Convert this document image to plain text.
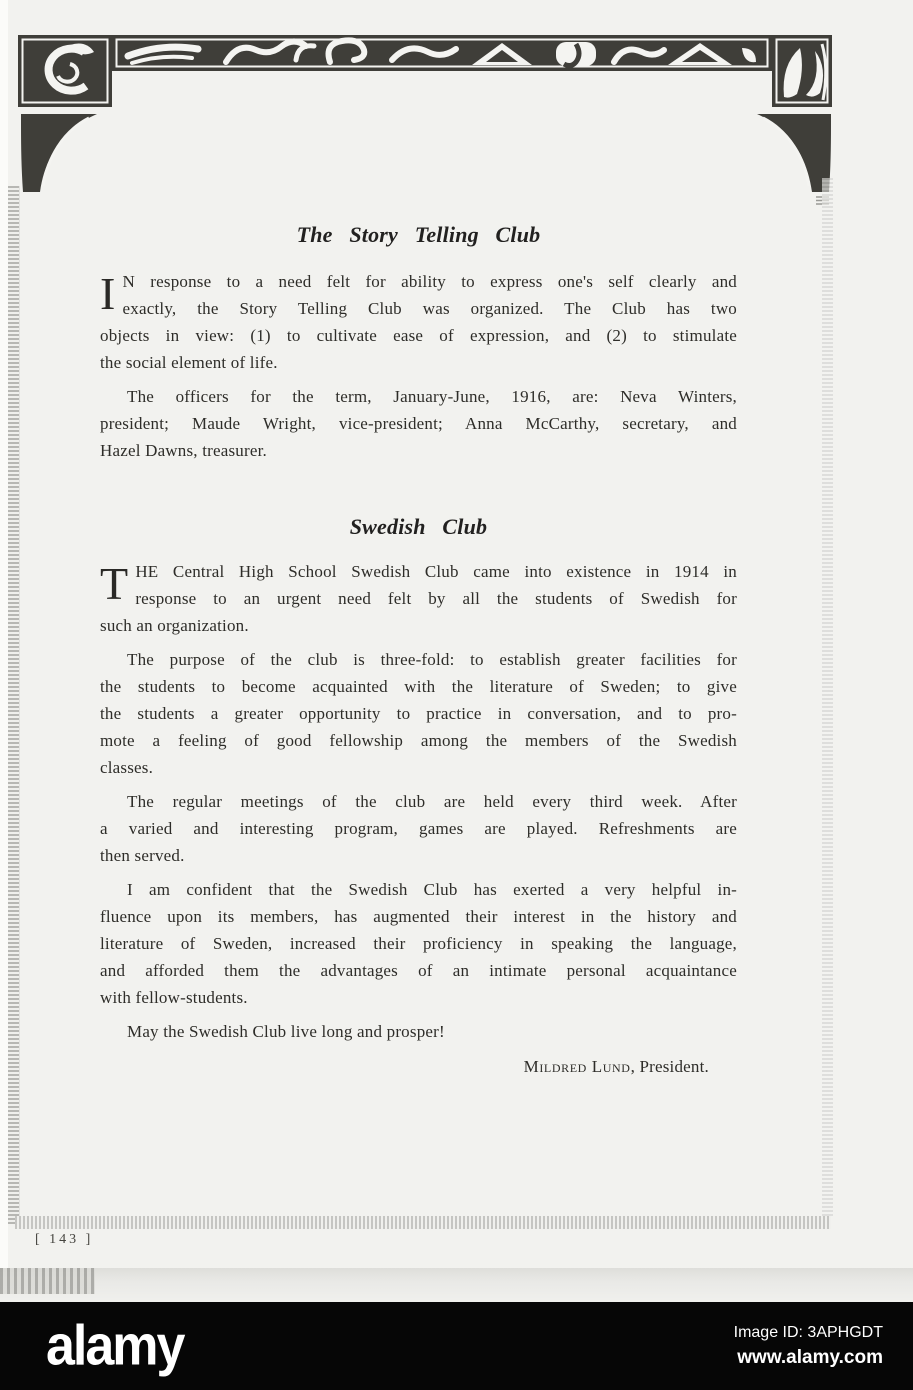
The Story Telling Club
I N response to a need felt for ability to express one's self clearly and
exactly, the Story Telling Club was organized. The Club has two
objects in view: (1) to cultivate ease of expression, and (2) to stimulate
the social element of life.
The officers for the term, January-June, 1916, are: Neva Winters,
president; Maude Wright, vice-president; Anna McCarthy, secretary, and
Hazel Dawns, treasurer.
Swedish Club
T HE Central High School Swedish Club came into existence in 1914 in
response to an urgent need felt by all the students of Swedish for
such an organization.
The purpose of the club is three-fold: to establish greater facilities for
the students to become acquainted with the literature of Sweden; to give
the students a greater opportunity to practice in conversation, and to pro-
mote a feeling of good fellowship among the members of the Swedish
classes.
The regular meetings of the club are held every third week. After
a varied and interesting program, games are played. Refreshments are
then served.
I am confident that the Swedish Club has exerted a very helpful in-
fluence upon its members, has augmented their interest in the history and
literature of Sweden, increased their proficiency in speaking the language,
and afforded them the advantages of an intimate personal acquaintance
with fellow-students.
May the Swedish Club live long and prosper!
Mildred Lund, President.
[ 143 ]
alamy	Image ID: 3APHGDT
www.alamy.com
